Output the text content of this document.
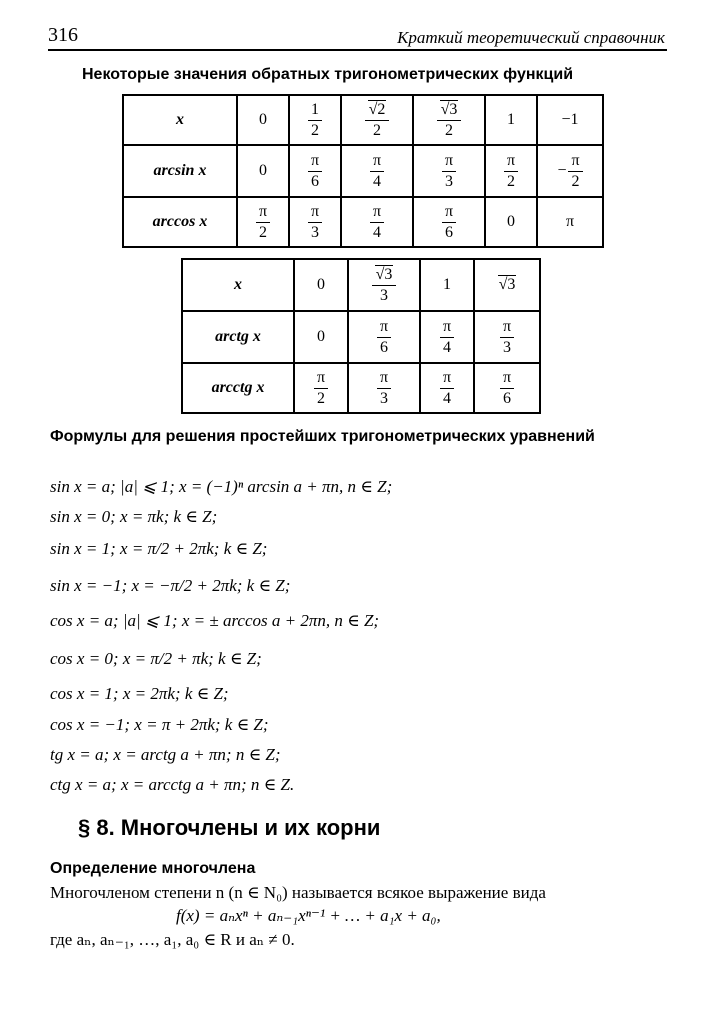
316	Краткий теоретический справочник
Некоторые значения обратных тригонометрических функций
x	0	$\frac{1}{2}$	$\frac{√2}{2}$	$\frac{√3}{2}$	1	−1
arcsin x	0	$\frac{\pi}{6}$	$\frac{\pi}{4}$	$\frac{\pi}{3}$	$\frac{\pi}{2}$	− $\frac{\pi}{2}$

arccos x	$\frac{\pi}{2}$	$\frac{\pi}{3}$	$\frac{\pi}{4}$	$\frac{\pi}{6}$	0	π
x	0	$\frac{√3}{3}$	1	√3
arctg x	0	$\frac{\pi}{6}$	$\frac{\pi}{4}$	$\frac{\pi}{3}$

arcctg x	$\frac{\pi}{2}$	$\frac{\pi}{3}$	$\frac{\pi}{4}$	$\frac{\pi}{6}$
Формулы для решения простейших тригонометрических уравнений
sin x = a; |a| ⩽ 1; x = (−1)ⁿ arcsin a + πn, n ∈ Z;
sin x = 0; x = πk; k ∈ Z;
sin x = 1; x = π/2 + 2πk; k ∈ Z;
sin x = −1; x = −π/2 + 2πk; k ∈ Z;
cos x = a; |a| ⩽ 1; x = ± arccos a + 2πn, n ∈ Z;
cos x = 0; x = π/2 + πk; k ∈ Z;
cos x = 1; x = 2πk; k ∈ Z;
cos x = −1; x = π + 2πk; k ∈ Z;
tg x = a; x = arctg a + πn; n ∈ Z;
ctg x = a; x = arcctg a + πn; n ∈ Z.
§ 8. Многочлены и их корни
Определение многочлена
Многочленом степени n (n ∈ N₀) называется всякое выражение вида
f(x) = aₙxⁿ + aₙ₋₁xⁿ⁻¹ + … + a₁x + a₀,
где aₙ, aₙ₋₁, …, a₁, a₀ ∈ R и aₙ ≠ 0.
